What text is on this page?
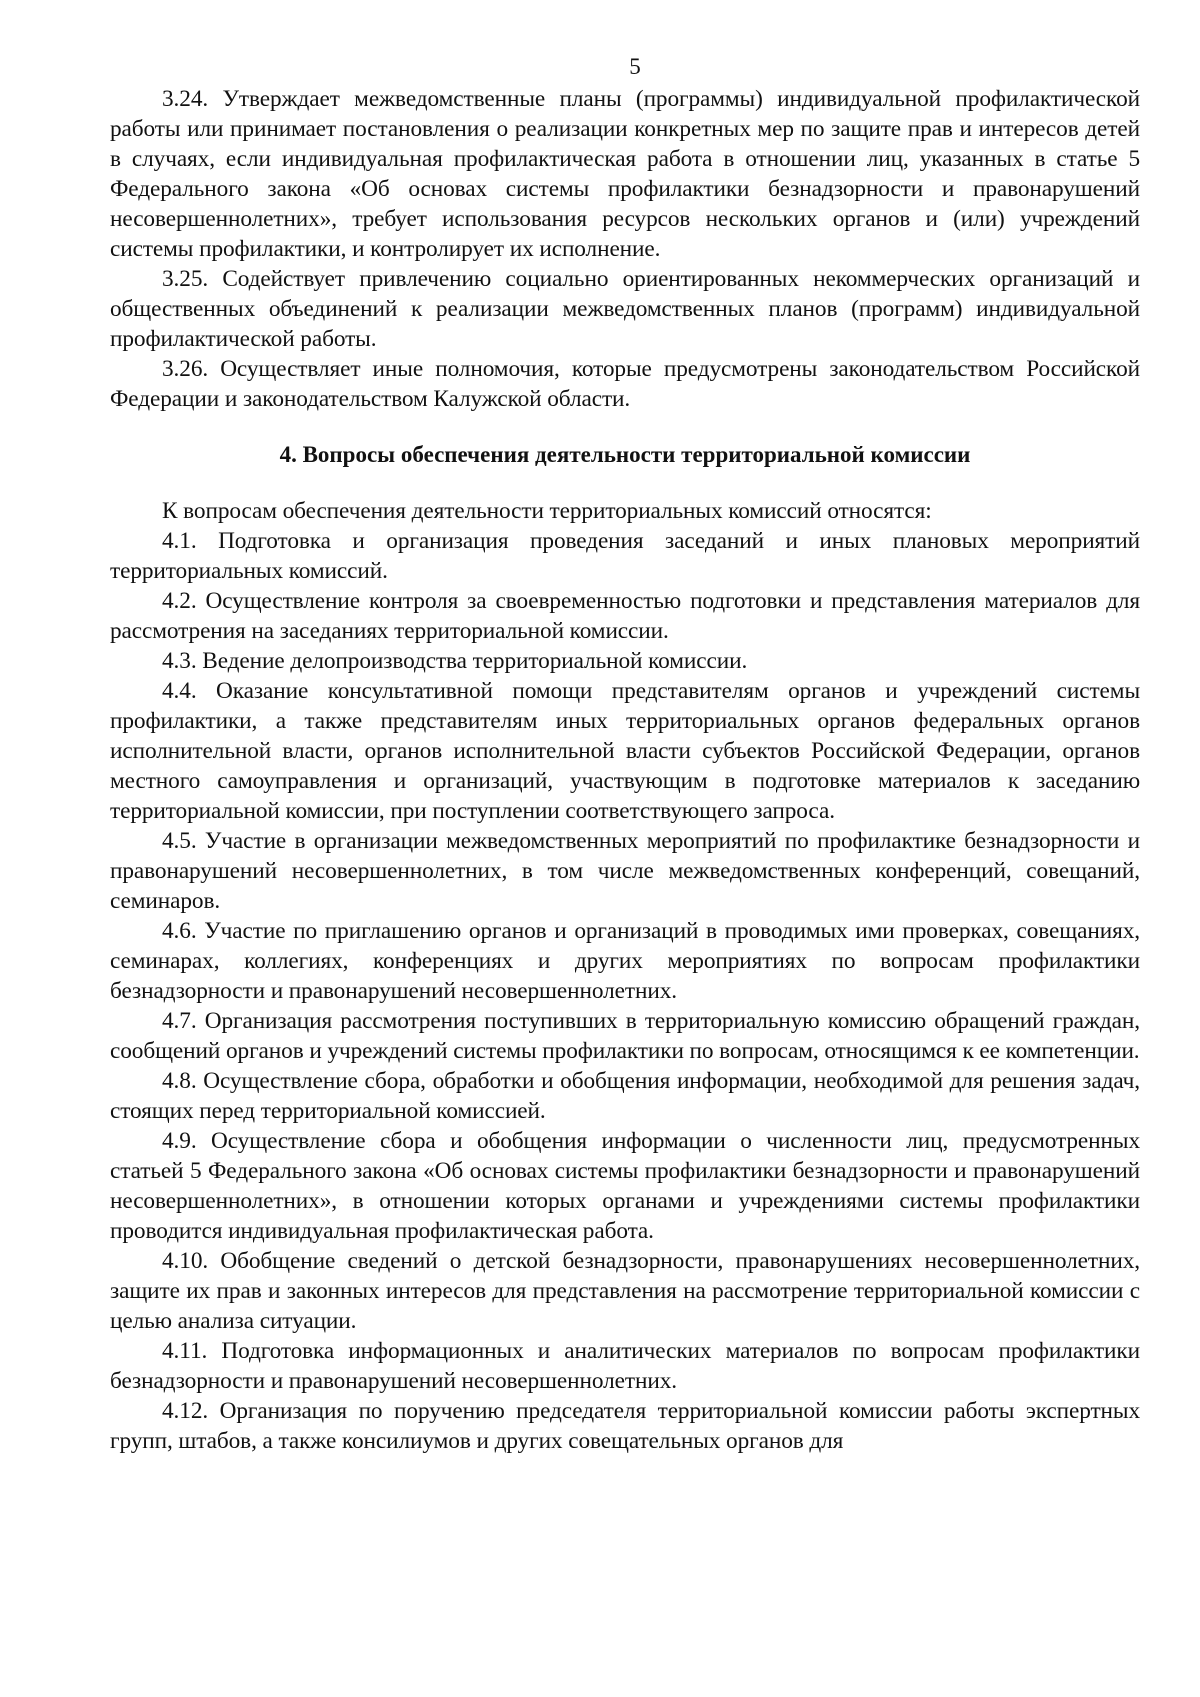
5

3.24. Утверждает межведомственные планы (программы) индивидуальной профилактической работы или принимает постановления о реализации конкретных мер по защите прав и интересов детей в случаях, если индивидуальная профилактическая работа в отношении лиц, указанных в статье 5 Федерального закона «Об основах системы профилактики безнадзорности и правонарушений несовершеннолетних», требует использования ресурсов нескольких органов и (или) учреждений системы профилактики, и контролирует их исполнение.

3.25. Содействует привлечению социально ориентированных некоммерческих организаций и общественных объединений к реализации межведомственных планов (программ) индивидуальной профилактической работы.

3.26. Осуществляет иные полномочия, которые предусмотрены законодательством Российской Федерации и законодательством Калужской области.

4. Вопросы обеспечения деятельности территориальной комиссии

К вопросам обеспечения деятельности территориальных комиссий относятся:

4.1. Подготовка и организация проведения заседаний и иных плановых мероприятий территориальных комиссий.

4.2. Осуществление контроля за своевременностью подготовки и представления материалов для рассмотрения на заседаниях территориальной комиссии.

4.3. Ведение делопроизводства территориальной комиссии.

4.4. Оказание консультативной помощи представителям органов и учреждений системы профилактики, а также представителям иных территориальных органов федеральных органов исполнительной власти, органов исполнительной власти субъектов Российской Федерации, органов местного самоуправления и организаций, участвующим в подготовке материалов к заседанию территориальной комиссии, при поступлении соответствующего запроса.

4.5. Участие в организации межведомственных мероприятий по профилактике безнадзорности и правонарушений несовершеннолетних, в том числе межведомственных конференций, совещаний, семинаров.

4.6. Участие по приглашению органов и организаций в проводимых ими проверках, совещаниях, семинарах, коллегиях, конференциях и других мероприятиях по вопросам профилактики безнадзорности и правонарушений несовершеннолетних.

4.7. Организация рассмотрения поступивших в территориальную комиссию обращений граждан, сообщений органов и учреждений системы профилактики по вопросам, относящимся к ее компетенции.

4.8. Осуществление сбора, обработки и обобщения информации, необходимой для решения задач, стоящих перед территориальной комиссией.

4.9. Осуществление сбора и обобщения информации о численности лиц, предусмотренных статьей 5 Федерального закона «Об основах системы профилактики безнадзорности и правонарушений несовершеннолетних», в отношении которых органами и учреждениями системы профилактики проводится индивидуальная профилактическая работа.

4.10. Обобщение сведений о детской безнадзорности, правонарушениях несовершеннолетних, защите их прав и законных интересов для представления на рассмотрение территориальной комиссии с целью анализа ситуации.

4.11. Подготовка информационных и аналитических материалов по вопросам профилактики безнадзорности и правонарушений несовершеннолетних.

4.12. Организация по поручению председателя территориальной комиссии работы экспертных групп, штабов, а также консилиумов и других совещательных органов для
